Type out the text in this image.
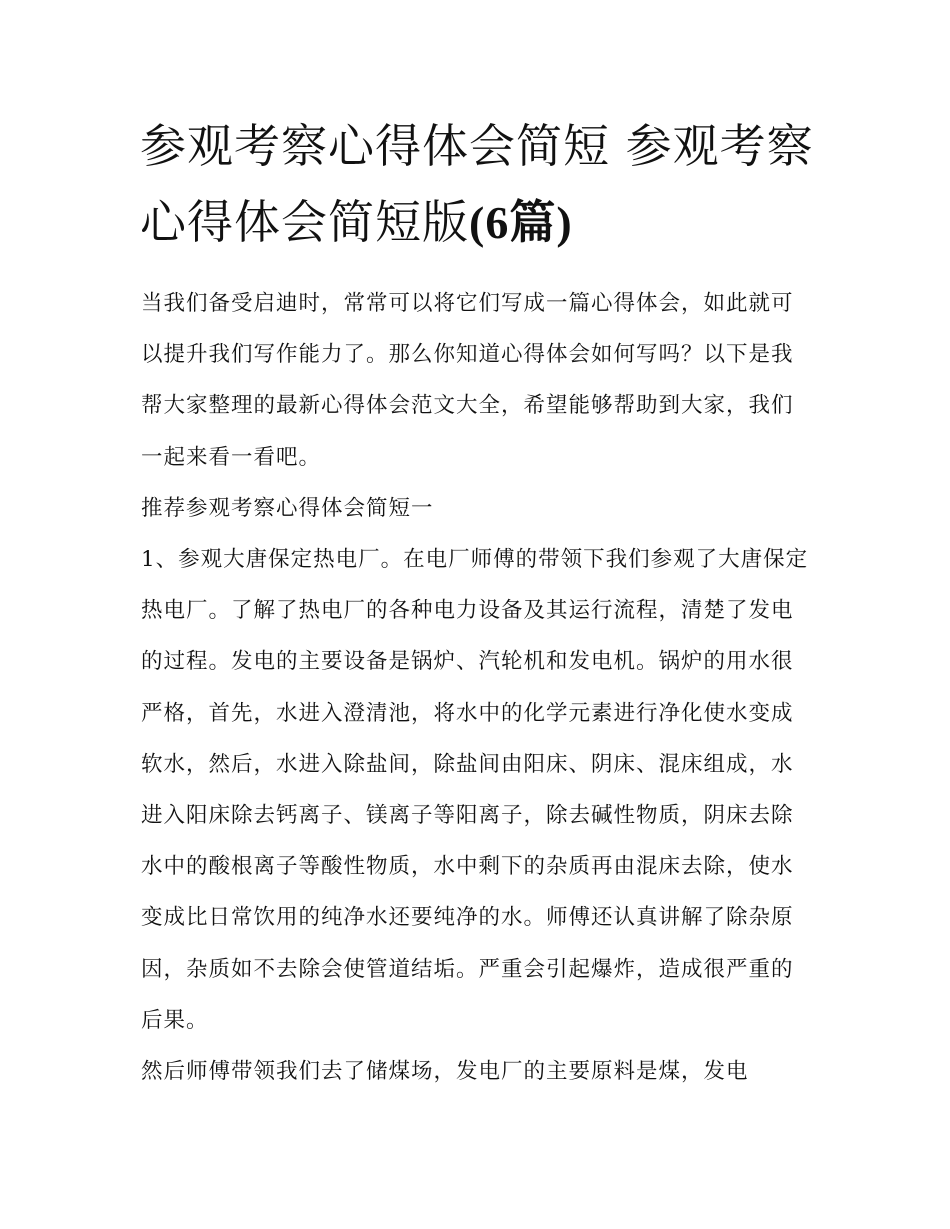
参观考察心得体会简短 参观考察心得体会简短版(6篇)

当我们备受启迪时，常常可以将它们写成一篇心得体会，如此就可以提升我们写作能力了。那么你知道心得体会如何写吗？以下是我帮大家整理的最新心得体会范文大全，希望能够帮助到大家，我们一起来看一看吧。

推荐参观考察心得体会简短一

1、参观大唐保定热电厂。在电厂师傅的带领下我们参观了大唐保定热电厂。了解了热电厂的各种电力设备及其运行流程，清楚了发电的过程。发电的主要设备是锅炉、汽轮机和发电机。锅炉的用水很严格，首先，水进入澄清池，将水中的化学元素进行净化使水变成软水，然后，水进入除盐间，除盐间由阳床、阴床、混床组成，水进入阳床除去钙离子、镁离子等阳离子，除去碱性物质，阴床去除水中的酸根离子等酸性物质，水中剩下的杂质再由混床去除，使水变成比日常饮用的纯净水还要纯净的水。师傅还认真讲解了除杂原因，杂质如不去除会使管道结垢。严重会引起爆炸，造成很严重的后果。

然后师傅带领我们去了储煤场，发电厂的主要原料是煤，发电
